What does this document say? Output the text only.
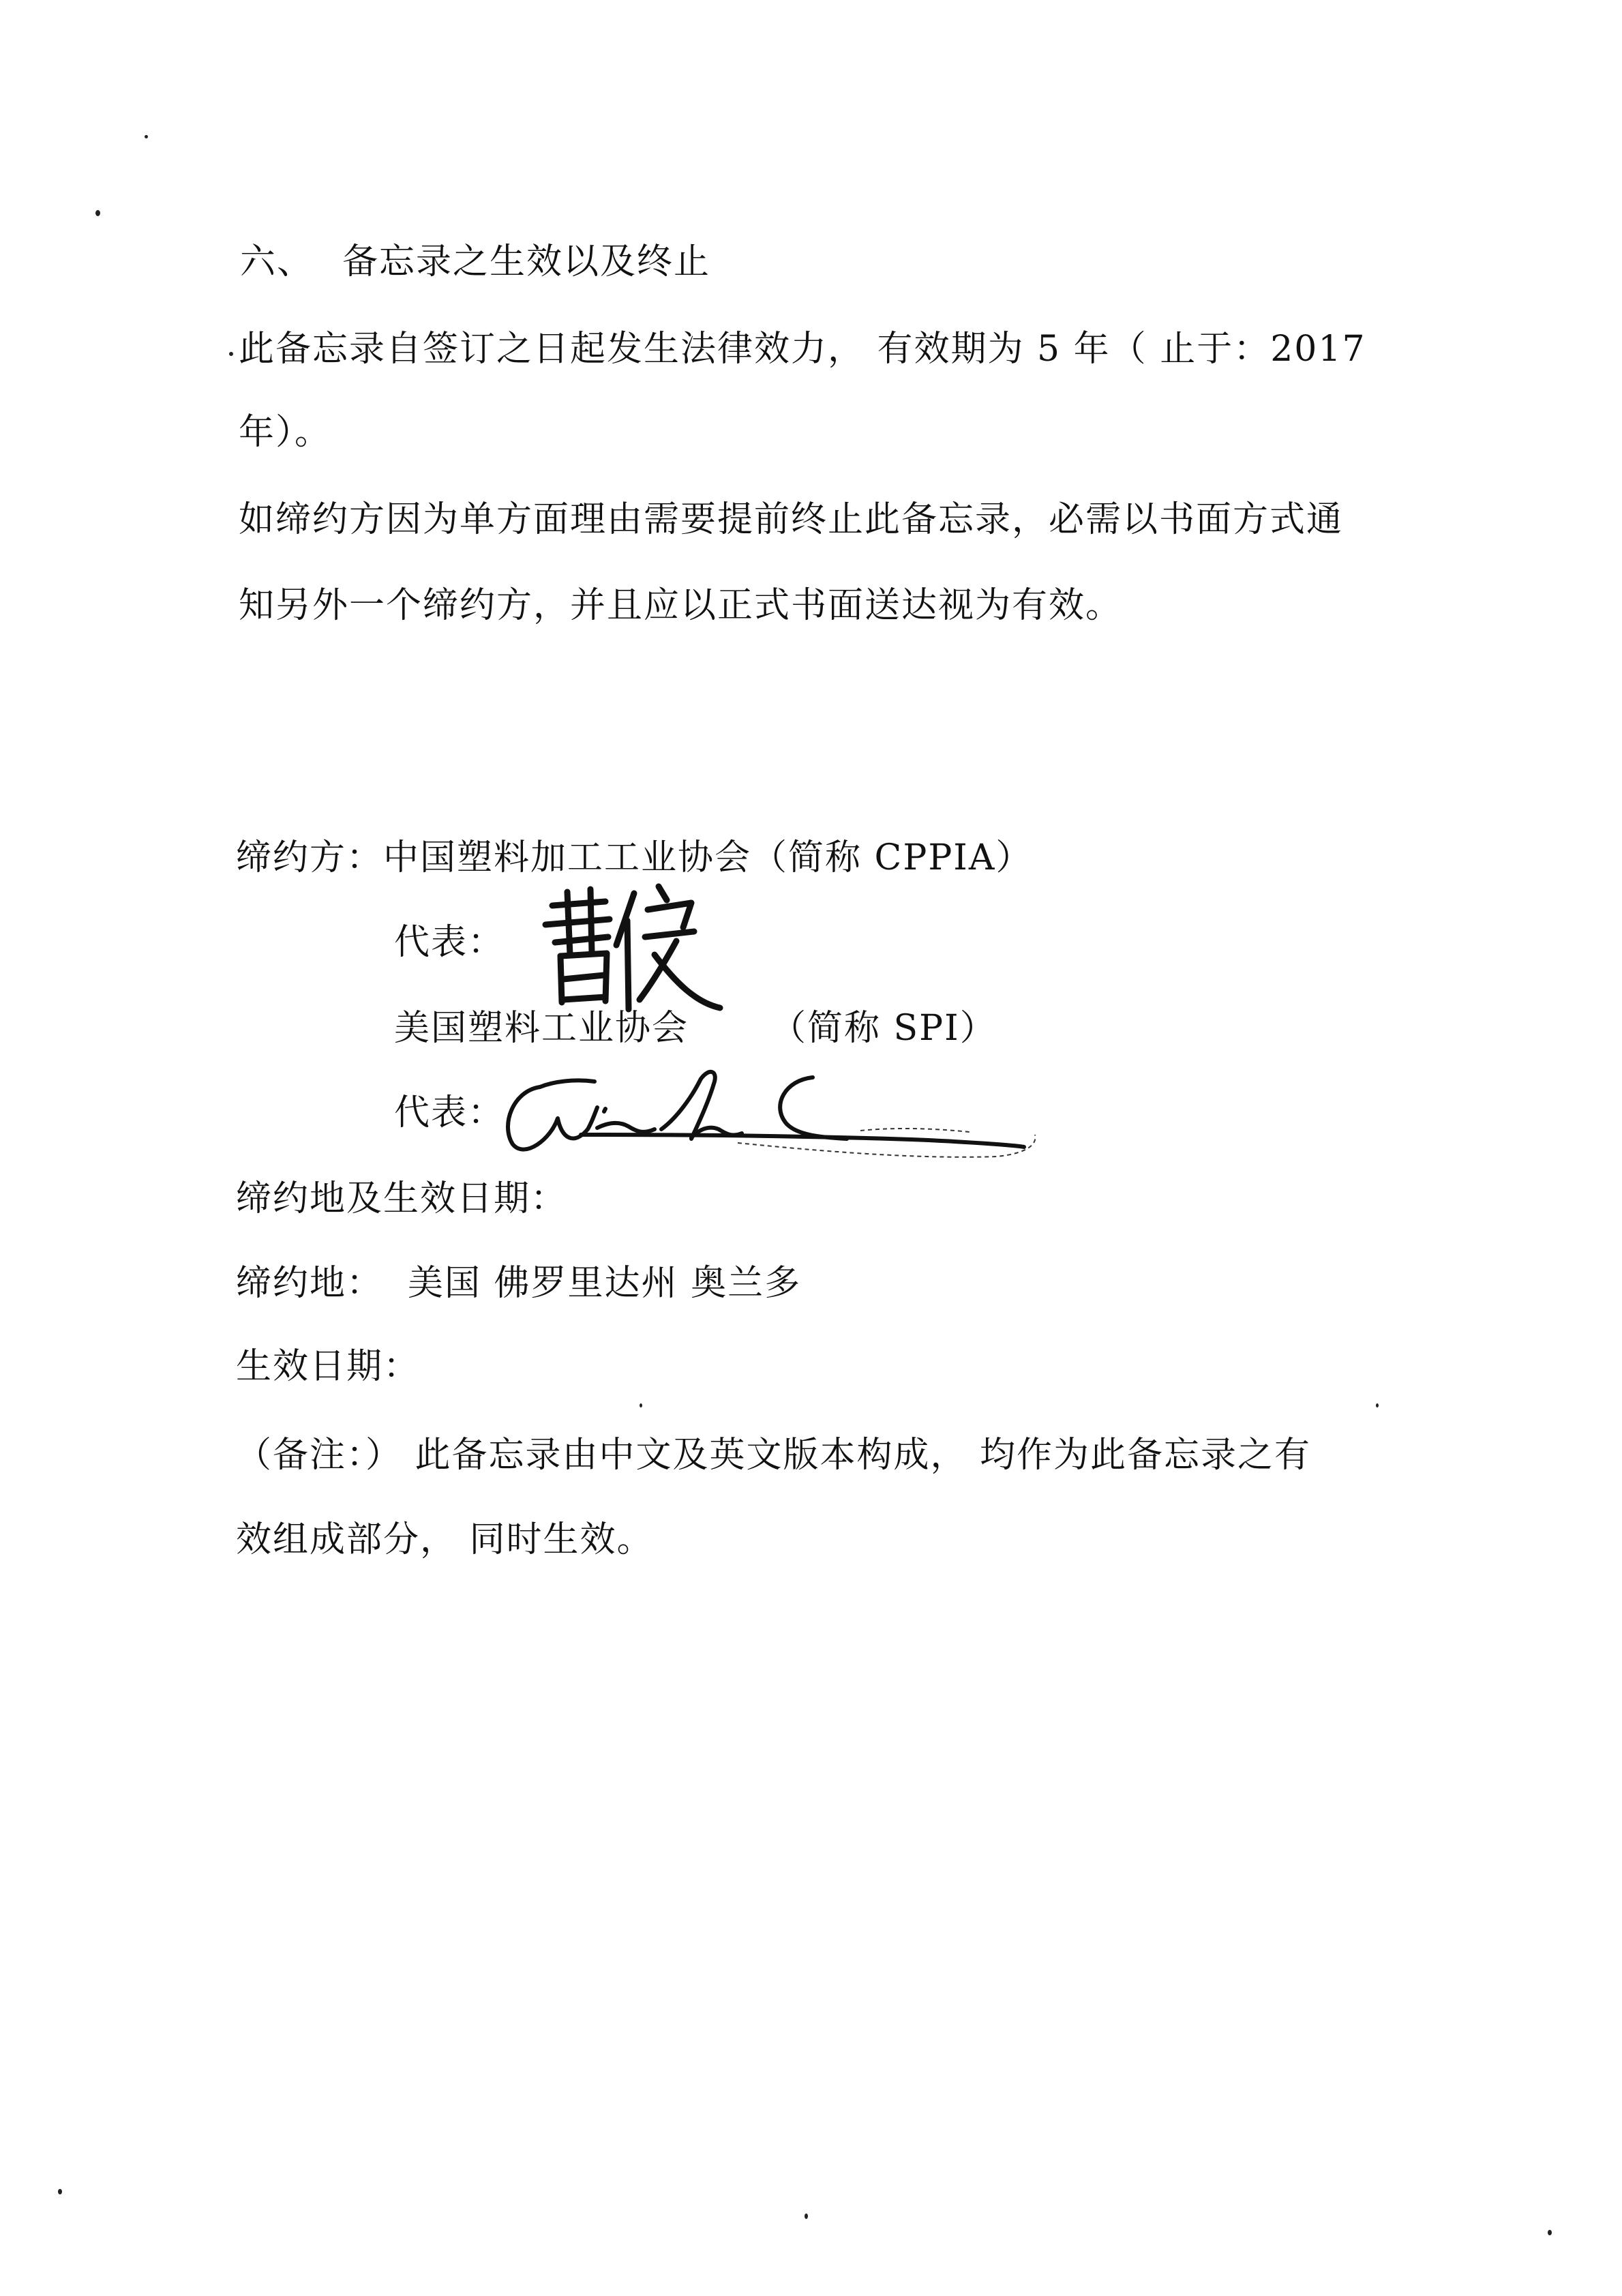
六、 备忘录之生效以及终止
此备忘录自签订之日起发生法律效力， 有效期为 5 年（ 止于：2017
年）。
如缔约方因为单方面理由需要提前终止此备忘录，必需以书面方式通
知另外一个缔约方，并且应以正式书面送达视为有效。
缔约方：中国塑料加工工业协会（简称 CPPIA）
代表：
美国塑料工业协会 （简称 SPI）
代表：
缔约地及生效日期：
缔约地： 美国 佛罗里达州 奥兰多
生效日期：
（备注：） 此备忘录由中文及英文版本构成， 均作为此备忘录之有
效组成部分， 同时生效。
